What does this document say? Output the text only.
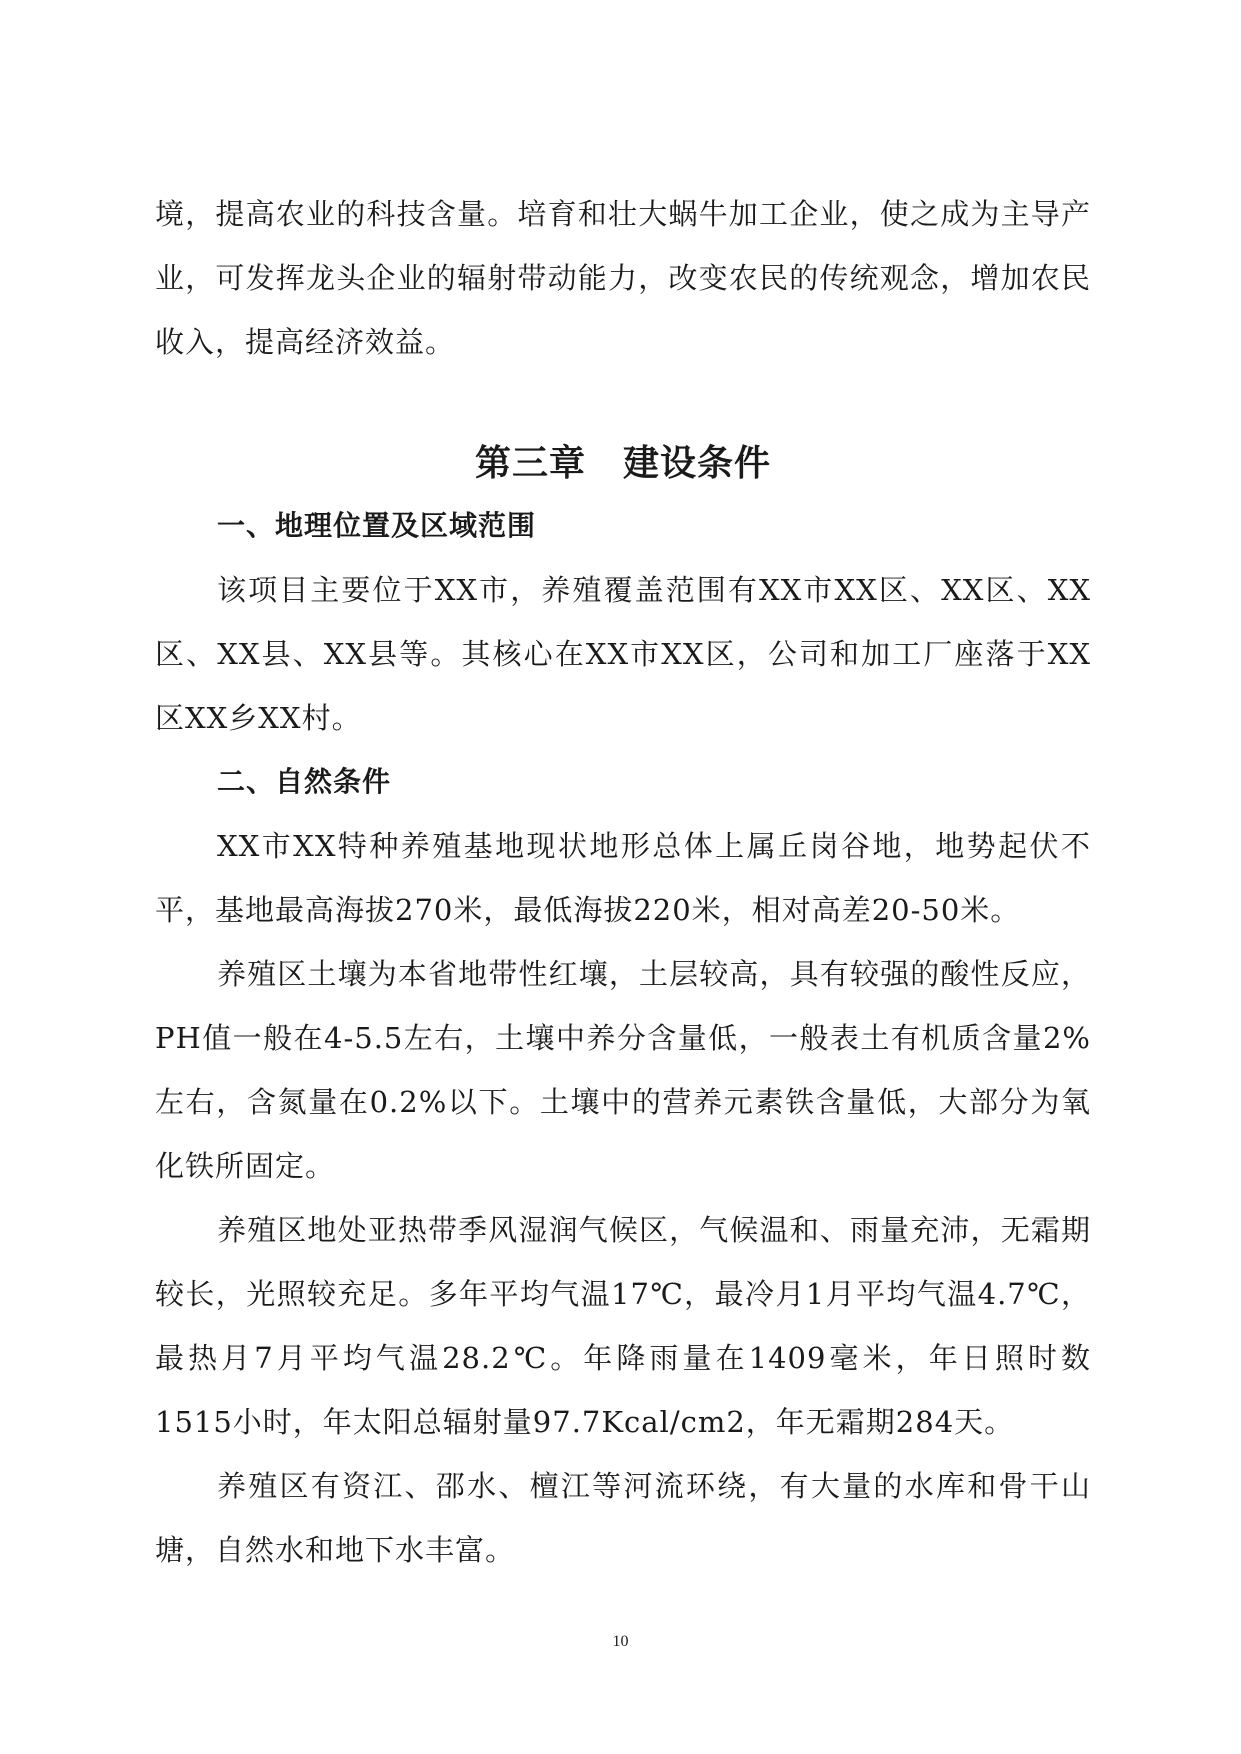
境，提高农业的科技含量。培育和壮大蜗牛加工企业，使之成为主导产业，可发挥龙头企业的辐射带动能力，改变农民的传统观念，增加农民收入，提高经济效益。

第三章　建设条件
一、地理位置及区域范围

该项目主要位于XX市，养殖覆盖范围有XX市XX区、XX区、XX区、XX县、XX县等。其核心在XX市XX区，公司和加工厂座落于XX区XX乡XX村。

二、自然条件

XX市XX特种养殖基地现状地形总体上属丘岗谷地，地势起伏不平，基地最高海拔270米，最低海拔220米，相对高差20-50米。

养殖区土壤为本省地带性红壤，土层较高，具有较强的酸性反应，PH值一般在4-5.5左右，土壤中养分含量低，一般表土有机质含量2%左右，含氮量在0.2%以下。土壤中的营养元素铁含量低，大部分为氧化铁所固定。

养殖区地处亚热带季风湿润气候区，气候温和、雨量充沛，无霜期较长，光照较充足。多年平均气温17℃，最冷月1月平均气温4.7℃，最热月7月平均气温28.2℃。年降雨量在1409毫米，年日照时数1515小时，年太阳总辐射量97.7Kcal/cm2，年无霜期284天。

养殖区有资江、邵水、檀江等河流环绕，有大量的水库和骨干山塘，自然水和地下水丰富。

10
